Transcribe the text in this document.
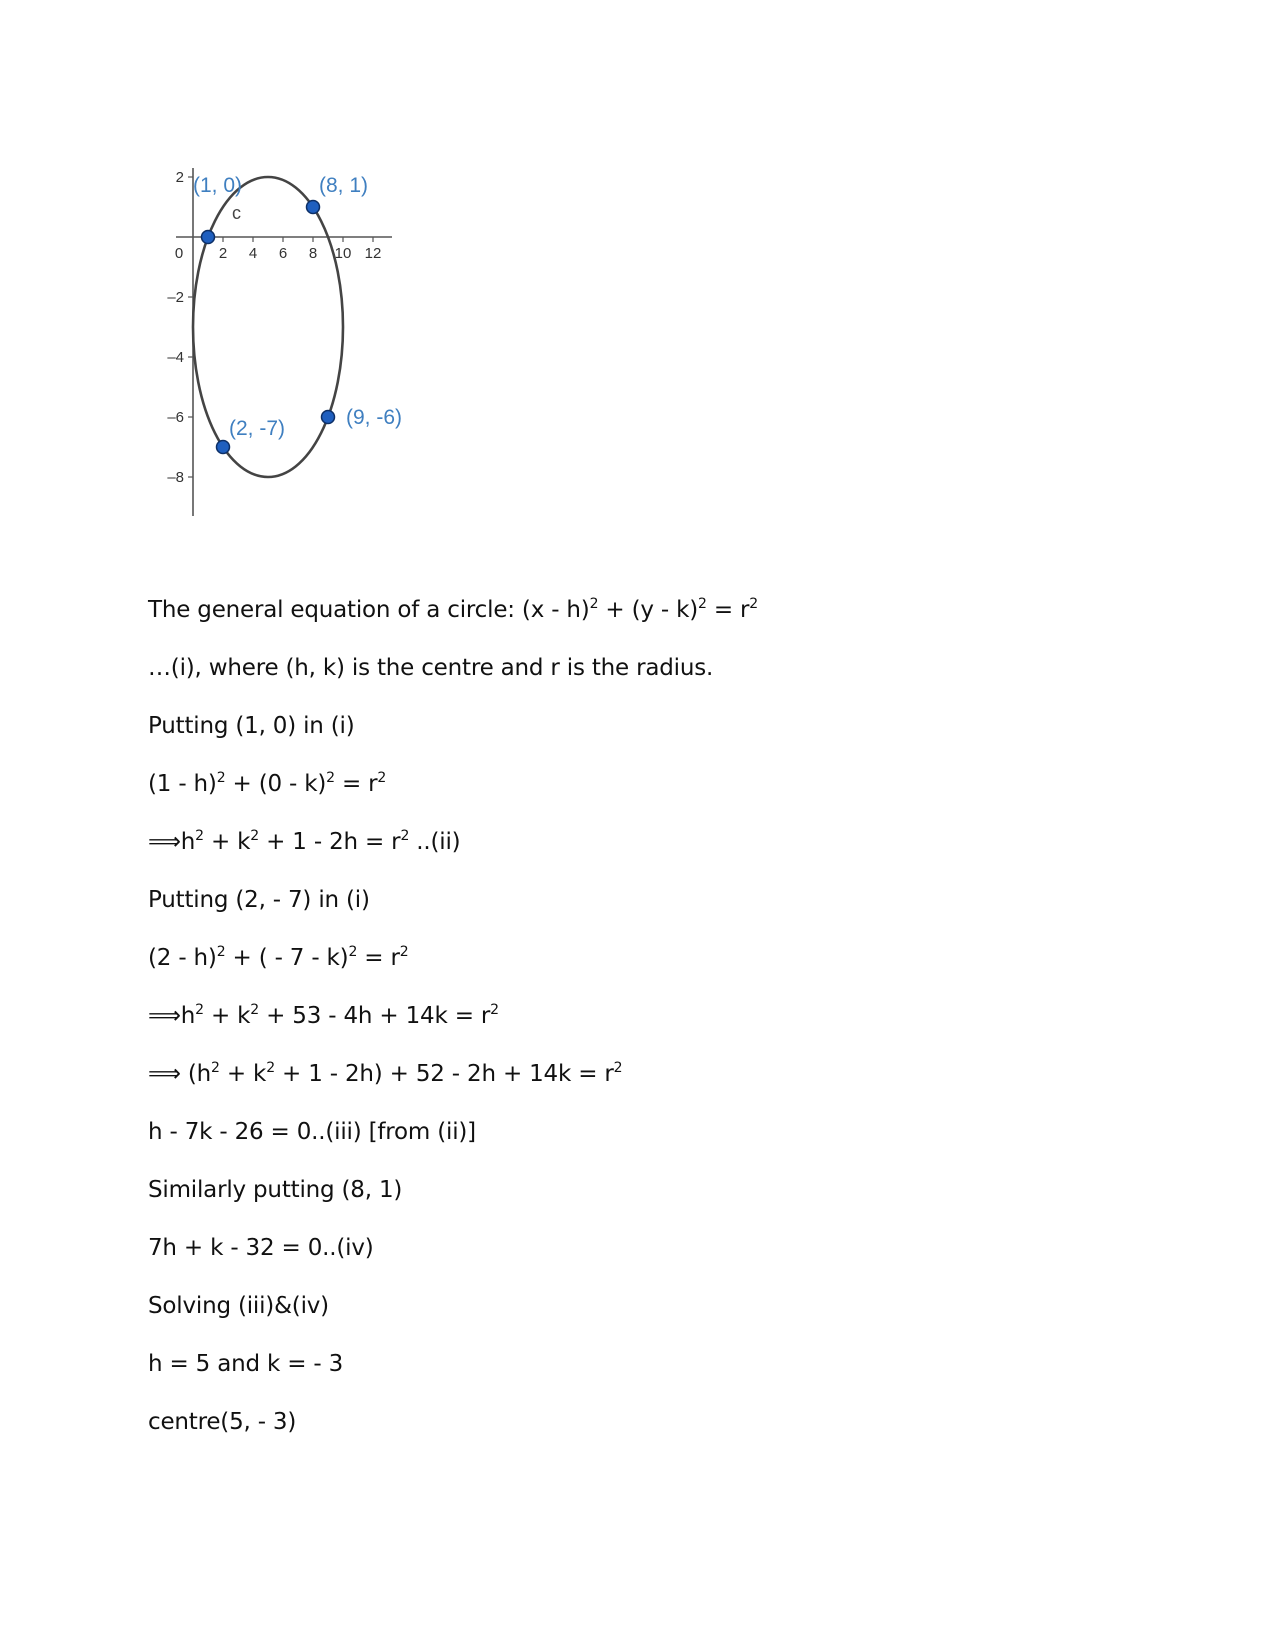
0 2 4 6 8 10 12
2
–2
–4
–6
–8
c
(1, 0)	(8, 1)
(2, -7)	(9, -6)
The general equation of a circle: $(x - h)^2 + (y - k)^2 = r^2$
…(i), where (h, k) is the centre and r is the radius.
Putting (1, 0) in (i)
$(1 - h)^2 + (0 - k)^2 = r^2$
$⟹h^2 + k^2 + 1 - 2h = r^2$ ..(ii)
Putting (2, - 7) in (i)
(2 - h)$^2$ + ( - $7 - k)^2 = r^2$
$⟹h^2 + k^2 + 53 - 4h + 14k = r^2$
⟹ $(h^2 + k^2 + 1 - 2h) + 52 - 2h + 14k = r^2$
h - 7k - 26 = 0..(iii) [from (ii)]
Similarly putting (8, 1)
7h + k - 32 = 0..(iv)
Solving (iii)&(iv)
h = 5 and k = - 3
centre(5, - 3)
